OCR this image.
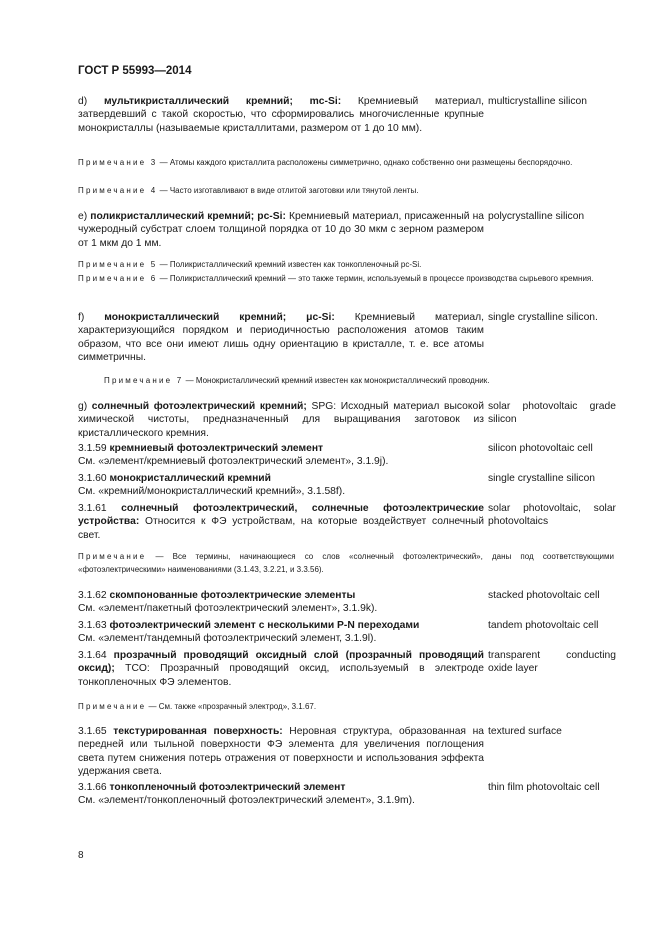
ГОСТ Р 55993—2014
d) мультикристаллический кремний; mc-Si: Кремниевый материал, затвердевший с такой скоростью, что сформировались многочисленные крупные монокристаллы (называемые кристаллитами, размером от 1 до 10 мм).
multicrystalline silicon
Примечание 3 — Атомы каждого кристаллита расположены симметрично, однако собственно они размещены беспорядочно.
Примечание 4 — Часто изготавливают в виде отлитой заготовки или тянутой ленты.
e) поликристаллический кремний; pc-Si: Кремниевый материал, присаженный на чужеродный субстрат слоем толщиной порядка от 10 до 30 мкм с зерном размером от 1 мкм до 1 мм.
polycrystalline silicon
Примечание 5 — Поликристаллический кремний известен как тонкопленочный pc-Si.
Примечание 6 — Поликристаллический кремний — это также термин, используемый в процессе производства сырьевого кремния.
f) монокристаллический кремний; μc-Si: Кремниевый материал, характеризующийся порядком и периодичностью расположения атомов таким образом, что все они имеют лишь одну ориентацию в кристалле, т. е. все атомы симметричны.
single crystalline silicon.
Примечание 7 — Монокристаллический кремний известен как монокристаллический проводник.
g) солнечный фотоэлектрический кремний; SPG: Исходный материал высокой химической чистоты, предназначенный для выращивания заготовок из кристаллического кремния.
solar photovoltaic grade silicon
3.1.59 кремниевый фотоэлектрический элемент
См. «элемент/кремниевый фотоэлектрический элемент», 3.1.9j).
silicon photovoltaic cell
3.1.60 монокристаллический кремний
См. «кремний/монокристаллический кремний», 3.1.58f).
single crystalline silicon
3.1.61 солнечный фотоэлектрический, солнечные фотоэлектрические устройства: Относится к ФЭ устройствам, на которые воздействует солнечный свет.
solar photovoltaic, solar photovoltaics
Примечание — Все термины, начинающиеся со слов «солнечный фотоэлектрический», даны под соответствующими «фотоэлектрическими» наименованиями (3.1.43, 3.2.21, и 3.3.56).
3.1.62 скомпонованные фотоэлектрические элементы
См. «элемент/пакетный фотоэлектрический элемент», 3.1.9k).
stacked photovoltaic cell
3.1.63 фотоэлектрический элемент с несколькими P-N переходами
См. «элемент/тандемный фотоэлектрический элемент, 3.1.9l).
tandem photovoltaic cell
3.1.64 прозрачный проводящий оксидный слой (прозрачный проводящий оксид); TCO: Прозрачный проводящий оксид, используемый в электроде тонкопленочных ФЭ элементов.
transparent conducting oxide layer
Примечание — См. также «прозрачный электрод», 3.1.67.
3.1.65 текстурированная поверхность: Неровная структура, образованная на передней или тыльной поверхности ФЭ элемента для увеличения поглощения света путем снижения потерь отражения от поверхности и использования эффекта удержания света.
textured surface
3.1.66 тонкопленочный фотоэлектрический элемент
См. «элемент/тонкопленочный фотоэлектрический элемент», 3.1.9m).
thin film photovoltaic cell
8
